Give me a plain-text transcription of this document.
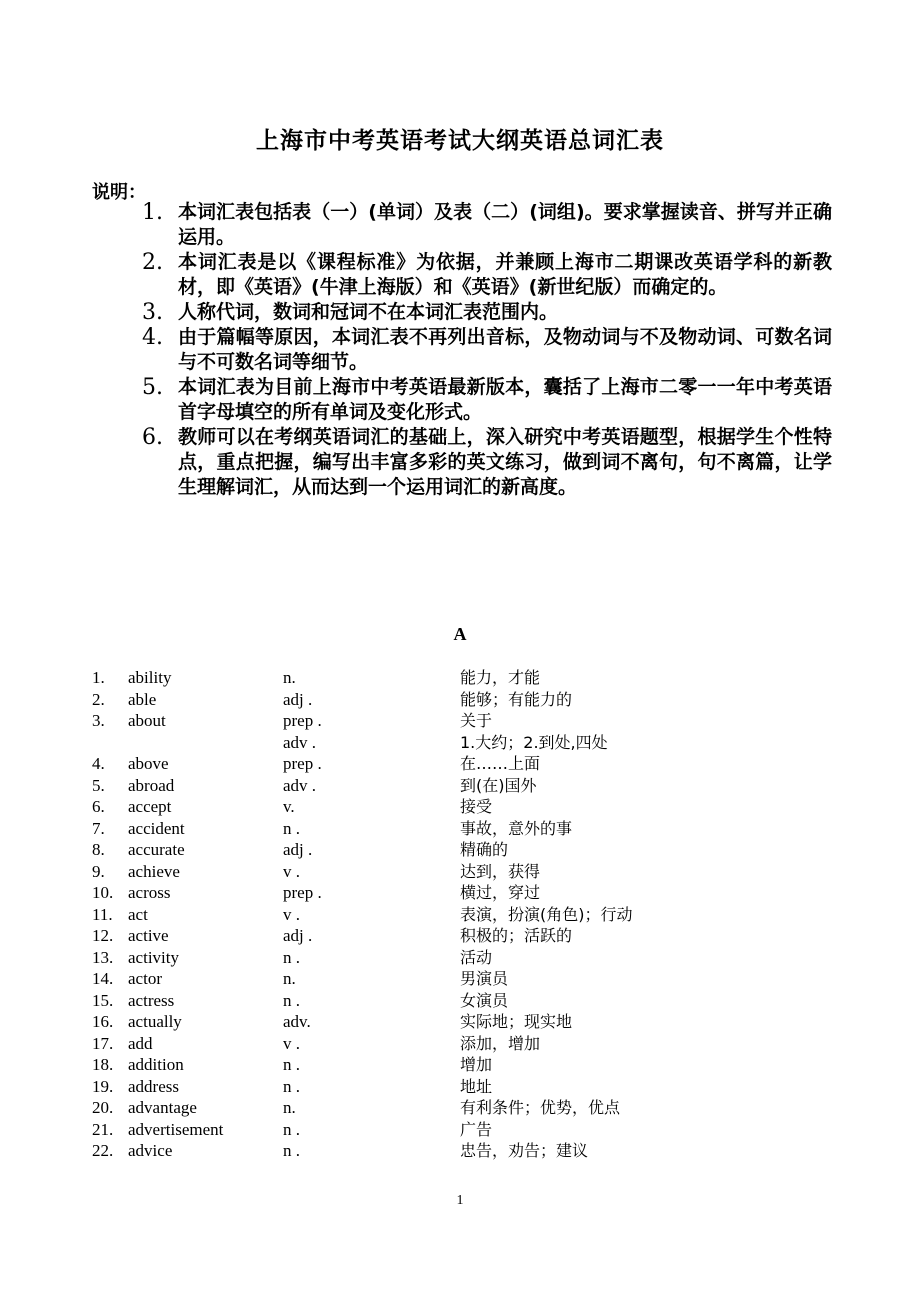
上海市中考英语考试大纲英语总词汇表
说明：
1. 本词汇表包括表（一）(单词）及表（二）(词组)。要求掌握读音、拼写并正确运用。
2. 本词汇表是以《课程标准》为依据，并兼顾上海市二期课改英语学科的新教材，即《英语》(牛津上海版）和《英语》(新世纪版）而确定的。
3. 人称代词，数词和冠词不在本词汇表范围内。
4. 由于篇幅等原因，本词汇表不再列出音标，及物动词与不及物动词、可数名词与不可数名词等细节。
5. 本词汇表为目前上海市中考英语最新版本，囊括了上海市二零一一年中考英语首字母填空的所有单词及变化形式。
6. 教师可以在考纲英语词汇的基础上，深入研究中考英语题型，根据学生个性特点，重点把握，编写出丰富多彩的英文练习，做到词不离句，句不离篇，让学生理解词汇，从而达到一个运用词汇的新高度。
A
1. ability	n.	能力，才能
2. able	adj .	能够；有能力的
3. about	prep .	关于
adv .	1.大约；2.到处,四处
4. above	prep .	在……上面
5. abroad	adv .	到(在)国外
6. accept	v.	接受
7. accident	n .	事故，意外的事
8. accurate	adj .	精确的
9. achieve	v .	达到，获得
10. across	prep .	横过，穿过
11. act	v .	表演，扮演(角色)；行动
12. active	adj .	积极的；活跃的
13. activity	n .	活动
14. actor	n.	男演员
15. actress	n .	女演员
16. actually	adv.	实际地；现实地
17. add	v .	添加，增加
18. addition	n .	增加
19. address	n .	地址
20. advantage	n.	有利条件；优势，优点
21. advertisement	n .	广告
22. advice	n .	忠告，劝告；建议
1
